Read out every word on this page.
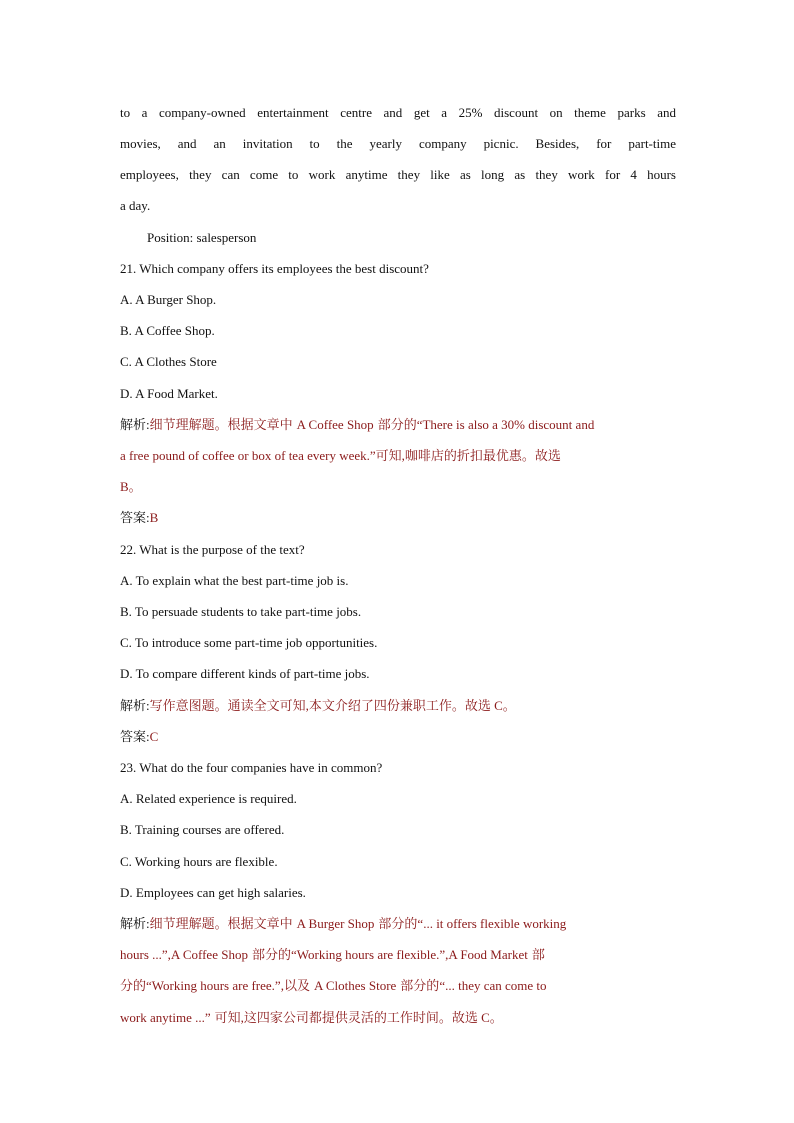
to a company-owned entertainment centre and get a 25% discount on theme parks and
movies, and an invitation to the yearly company picnic. Besides, for part-time
employees, they can come to work anytime they like as long as they work for 4 hours
a day.
Position: salesperson
21. Which company offers its employees the best discount?
A. A Burger Shop.
B. A Coffee Shop.
C. A Clothes Store
D. A Food Market.
解析:细节理解题。根据文章中 A Coffee Shop 部分的“There is also a 30% discount and
a free pound of coffee or box of tea every week.”可知,咖啡店的折扣最优惠。故选
B。
答案:B
22. What is the purpose of the text?
A. To explain what the best part-time job is.
B. To persuade students to take part-time jobs.
C. To introduce some part-time job opportunities.
D. To compare different kinds of part-time jobs.
解析:写作意图题。通读全文可知,本文介绍了四份兼职工作。故选 C。
答案:C
23. What do the four companies have in common?
A. Related experience is required.
B. Training courses are offered.
C. Working hours are flexible.
D. Employees can get high salaries.
解析:细节理解题。根据文章中 A Burger Shop 部分的“... it offers flexible working
hours ...”,A Coffee Shop 部分的“Working hours are flexible.”,A Food Market 部
分的“Working hours are free.”,以及 A Clothes Store 部分的“... they can come to
work anytime ...” 可知,这四家公司都提供灵活的工作时间。故选 C。
